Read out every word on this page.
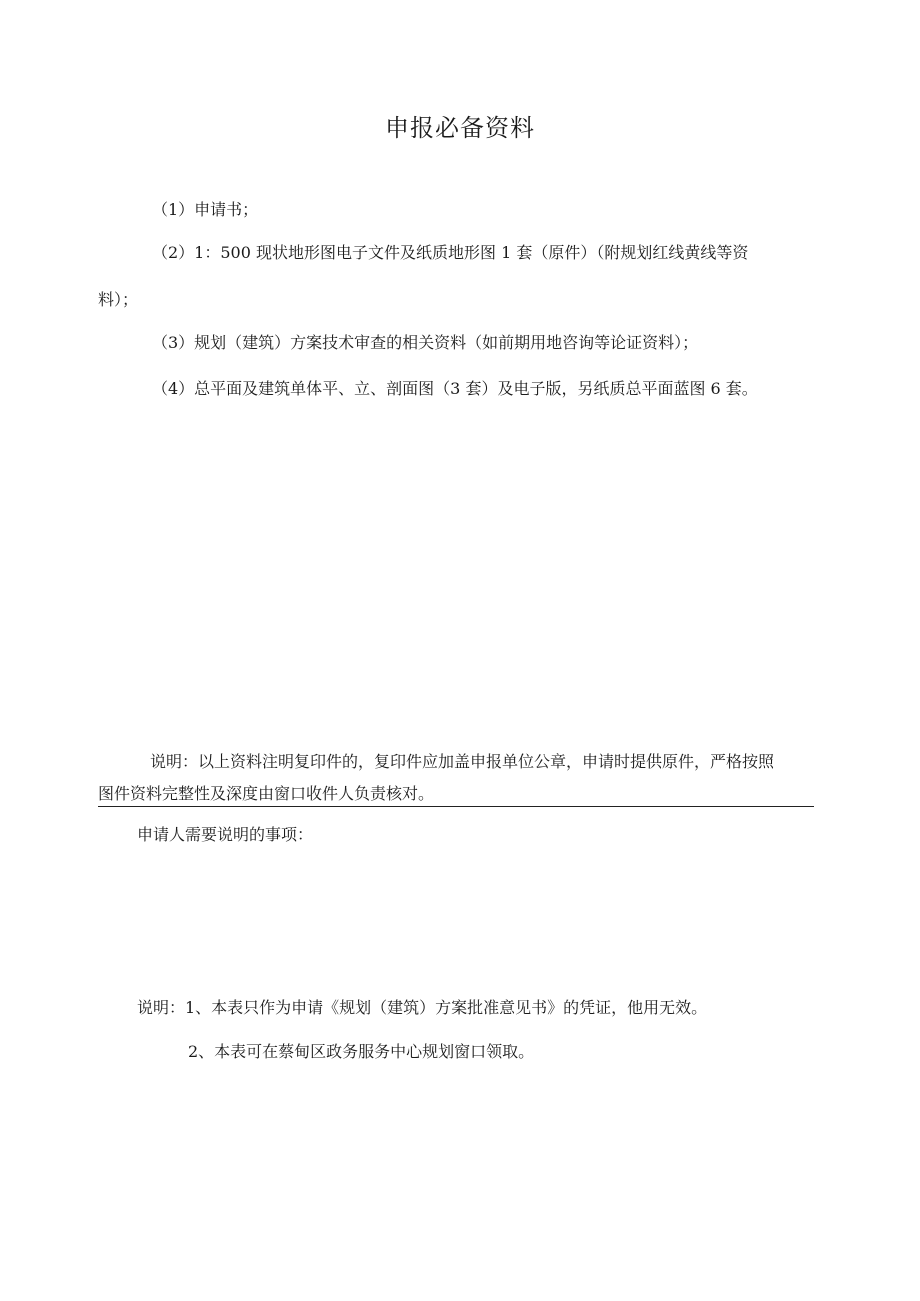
申报必备资料
（1）申请书；
（2）1：500 现状地形图电子文件及纸质地形图 1 套（原件）（附规划红线黄线等资
料）；
（3）规划（建筑）方案技术审查的相关资料（如前期用地咨询等论证资料）；
（4）总平面及建筑单体平、立、剖面图（3 套）及电子版，另纸质总平面蓝图 6 套。
说明：以上资料注明复印件的，复印件应加盖申报单位公章，申请时提供原件，严格按照
图件资料完整性及深度由窗口收件人负责核对。
申请人需要说明的事项：
说明：1、本表只作为申请《规划（建筑）方案批准意见书》的凭证，他用无效。
2、本表可在蔡甸区政务服务中心规划窗口领取。
